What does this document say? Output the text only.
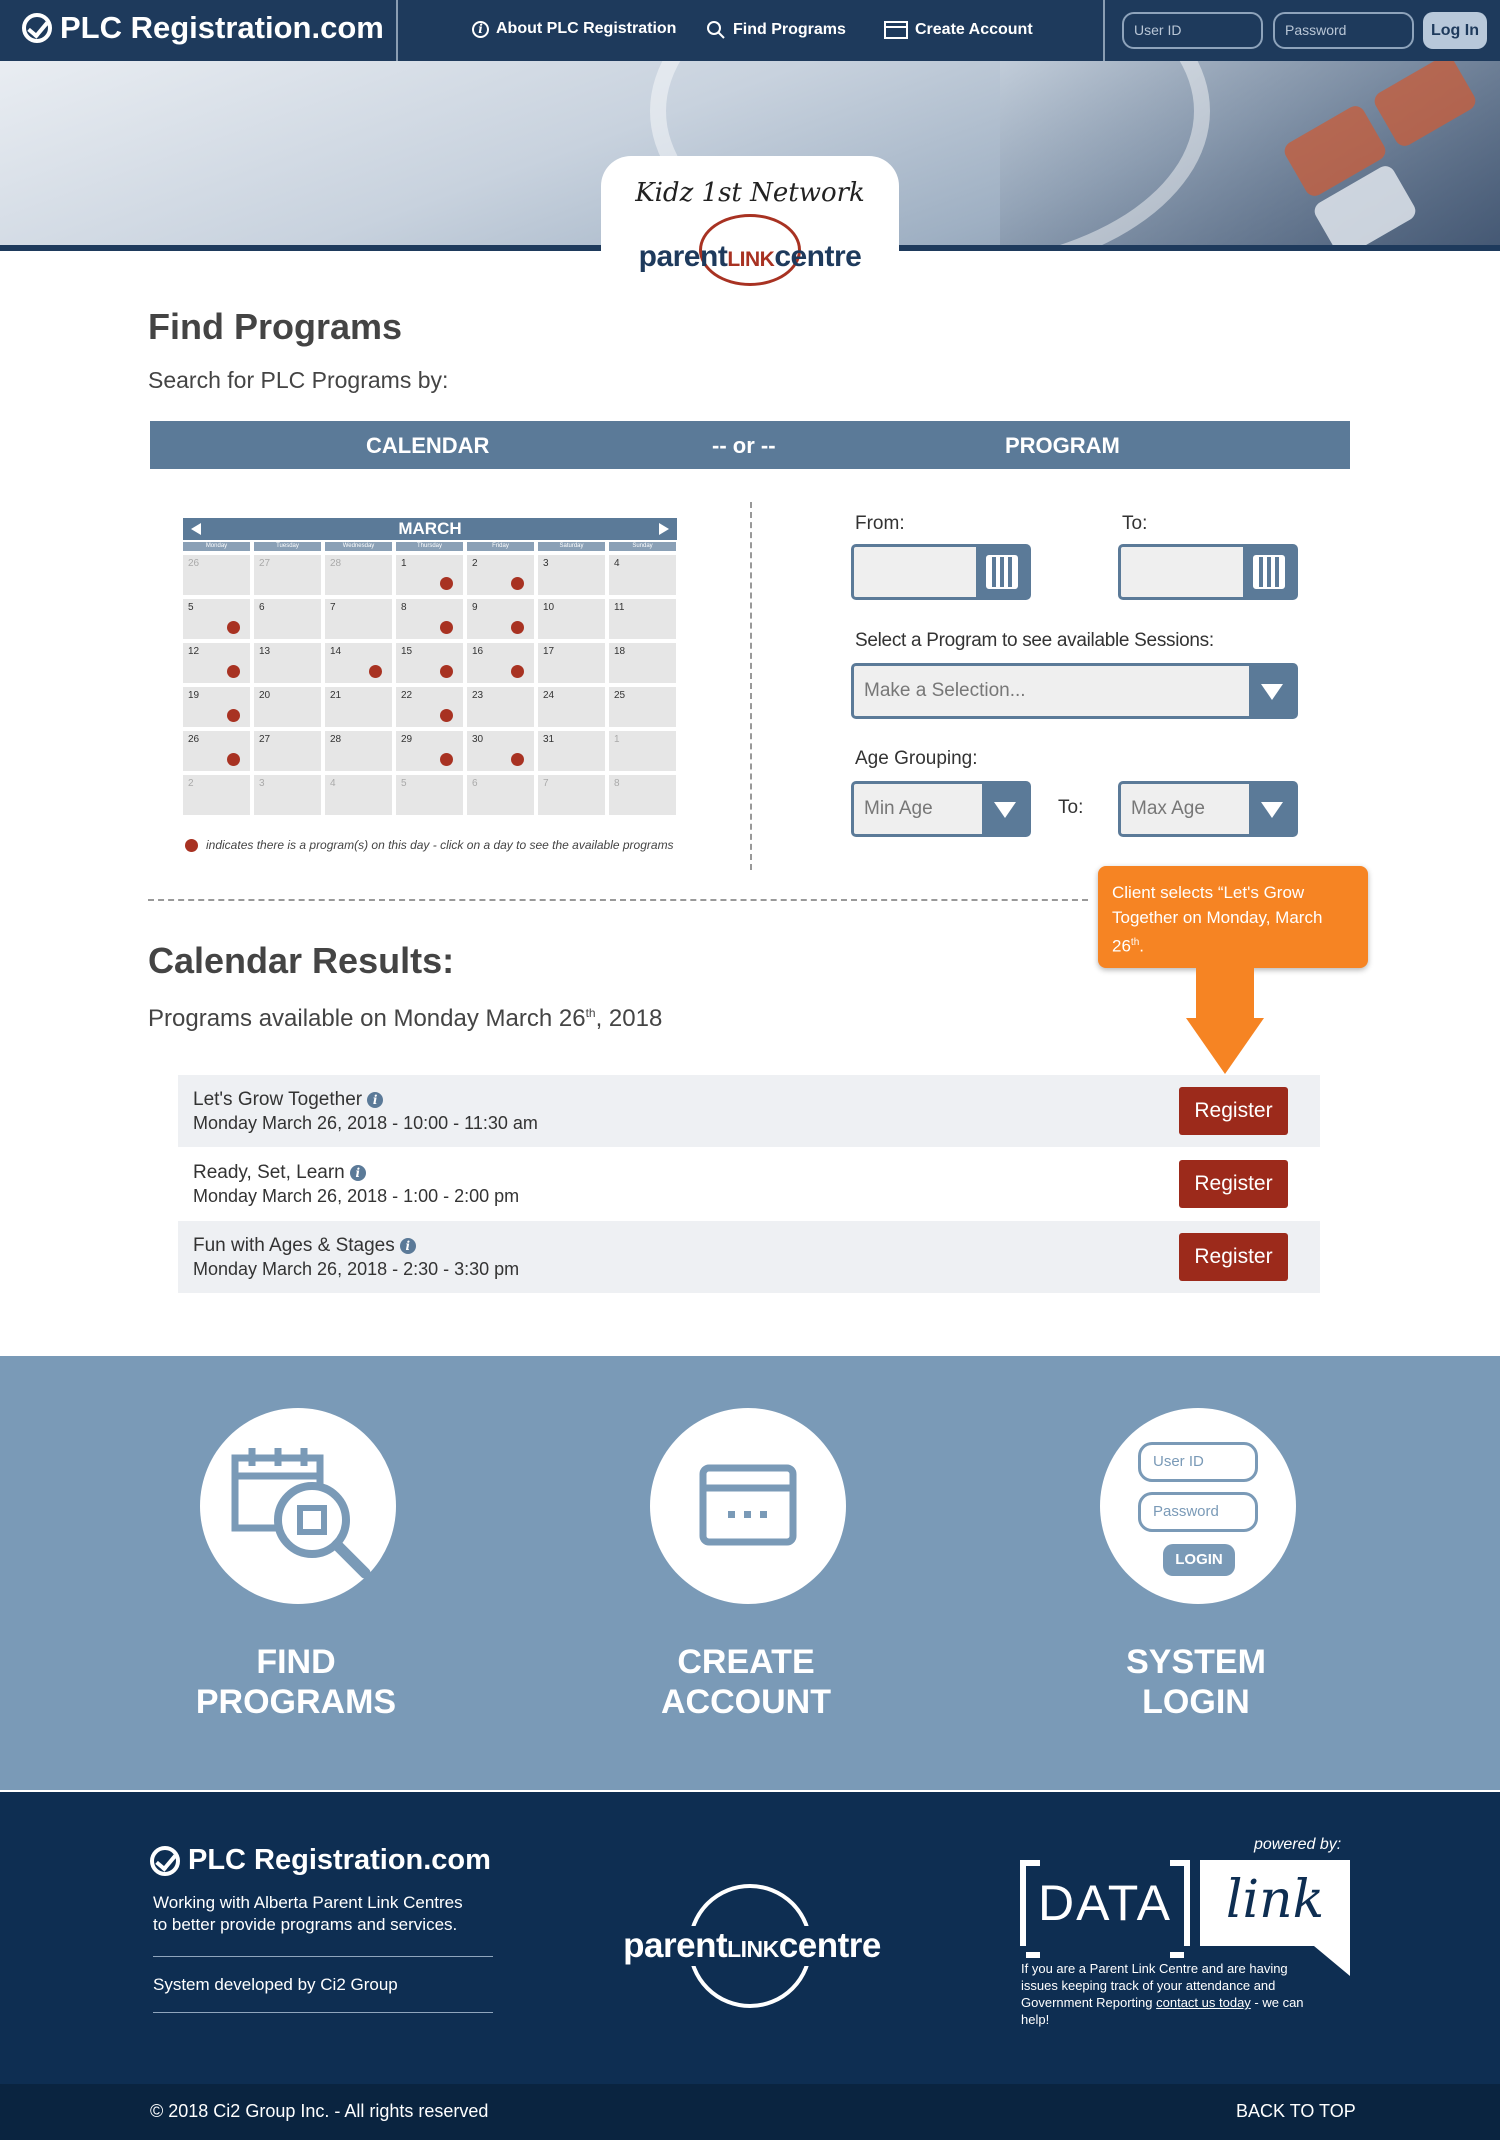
PLC Registration.com	i About PLC Registration	Find Programs	Create Account	User ID	Password	Log In
Kidz 1st Network
parentLINKcentre
Find Programs
Search for PLC Programs by:
CALENDAR	-- or --	PROGRAM
MARCH
Monday	Tuesday	Wednesday	Thursday	Friday	Saturday	Sunday
26	27	28	1	2	3	4
5	6	7	8	9	10	11
12	13	14	15	16	17	18
19	20	21	22	23	24	25
26	27	28	29	30	31	1
2	3	4	5	6	7	8
indicates there is a program(s) on this day - click on a day to see the available programs
From:	To:
Select a Program to see available Sessions:
Make a Selection...
Age Grouping:
Min Age	To:	Max Age
Client selects “Let's Grow
Together on Monday, March
26th.
Calendar Results:
Programs available on Monday March 26th, 2018
Let's Grow Together i
Monday March 26, 2018 - 10:00 - 11:30 am
Register
Ready, Set, Learn i
Monday March 26, 2018 - 1:00 - 2:00 pm
Register
Fun with Ages & Stages i
Monday March 26, 2018 - 2:30 - 3:30 pm
Register
FIND
PROGRAMS
CREATE
ACCOUNT
User ID
Password
LOGIN
SYSTEM
LOGIN
PLC Registration.com
Working with Alberta Parent Link Centres
to better provide programs and services.
System developed by Ci2 Group
parentLINKcentre
powered by:
DATA	link
If you are a Parent Link Centre and are having issues keeping track of your attendance and Government Reporting contact us today - we can help!
© 2018 Ci2 Group Inc. - All rights reserved	BACK TO TOP
